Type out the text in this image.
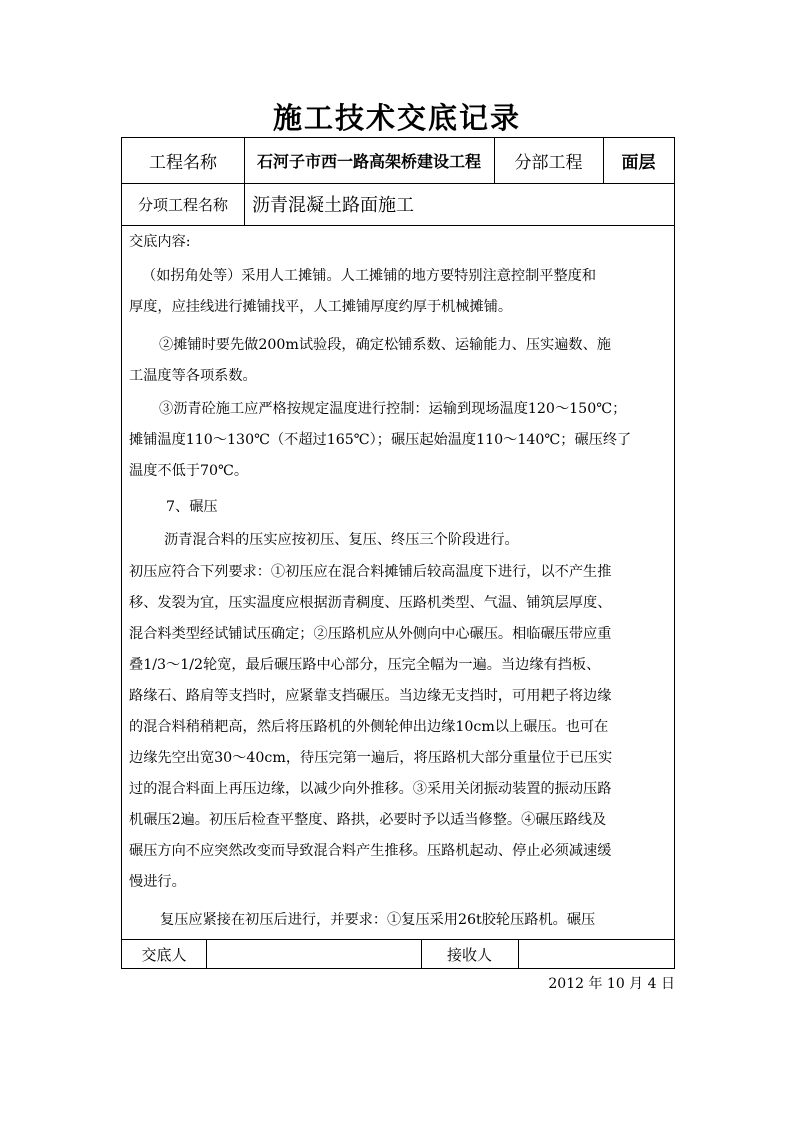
施工技术交底记录
工程名称	石河子市西一路高架桥建设工程	分部工程	面层
分项工程名称	沥青混凝土路面施工
交底内容:
（如拐角处等）采用人工摊铺。人工摊铺的地方要特别注意控制平整度和
厚度，应挂线进行摊铺找平，人工摊铺厚度约厚于机械摊铺。
②摊铺时要先做200m试验段，确定松铺系数、运输能力、压实遍数、施
工温度等各项系数。
③沥青砼施工应严格按规定温度进行控制：运输到现场温度120～150℃；
摊铺温度110～130℃（不超过165℃）；碾压起始温度110～140℃；碾压终了
温度不低于70℃。
7、碾压
沥青混合料的压实应按初压、复压、终压三个阶段进行。
初压应符合下列要求：①初压应在混合料摊铺后较高温度下进行，以不产生推
移、发裂为宜，压实温度应根据沥青稠度、压路机类型、气温、铺筑层厚度、
混合料类型经试铺试压确定；②压路机应从外侧向中心碾压。相临碾压带应重
叠1/3～1/2轮宽，最后碾压路中心部分，压完全幅为一遍。当边缘有挡板、
路缘石、路肩等支挡时，应紧靠支挡碾压。当边缘无支挡时，可用耙子将边缘
的混合料稍稍耙高，然后将压路机的外侧轮伸出边缘10cm以上碾压。也可在
边缘先空出宽30～40cm，待压完第一遍后，将压路机大部分重量位于已压实
过的混合料面上再压边缘，以减少向外推移。③采用关闭振动装置的振动压路
机碾压2遍。初压后检查平整度、路拱，必要时予以适当修整。④碾压路线及
碾压方向不应突然改变而导致混合料产生推移。压路机起动、停止必须减速缓
慢进行。
复压应紧接在初压后进行，并要求：①复压采用26t胶轮压路机。碾压
交底人	接收人
2012 年 10 月 4 日
